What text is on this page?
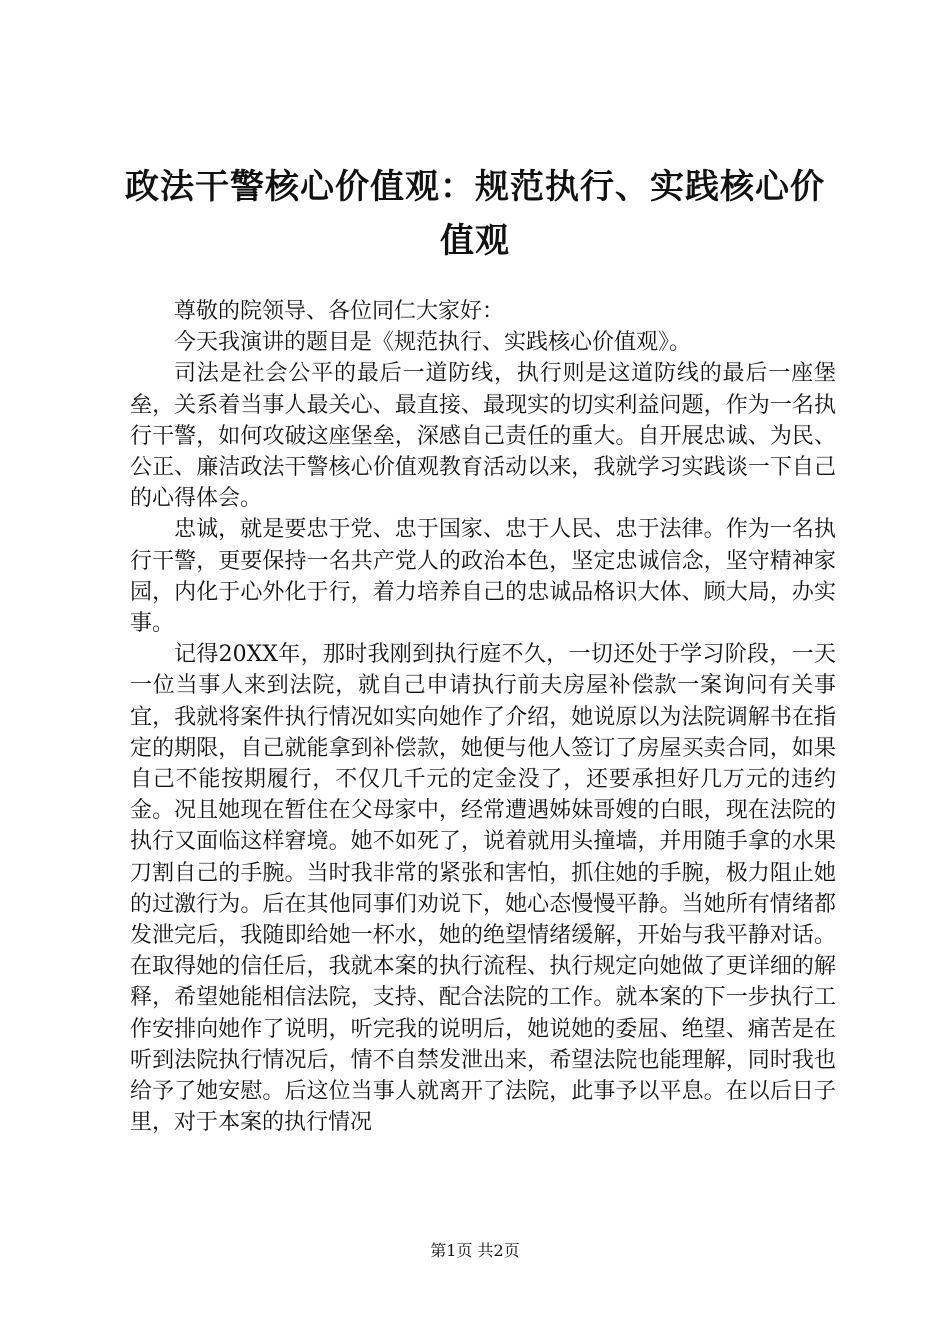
政法干警核心价值观：规范执行、实践核心价值观

尊敬的院领导、各位同仁大家好：

今天我演讲的题目是《规范执行、实践核心价值观》。

司法是社会公平的最后一道防线，执行则是这道防线的最后一座堡垒，关系着当事人最关心、最直接、最现实的切实利益问题，作为一名执行干警，如何攻破这座堡垒，深感自己责任的重大。自开展忠诚、为民、公正、廉洁政法干警核心价值观教育活动以来，我就学习实践谈一下自己的心得体会。

忠诚，就是要忠于党、忠于国家、忠于人民、忠于法律。作为一名执行干警，更要保持一名共产党人的政治本色，坚定忠诚信念，坚守精神家园，内化于心外化于行，着力培养自己的忠诚品格识大体、顾大局，办实事。

记得20XX年，那时我刚到执行庭不久，一切还处于学习阶段，一天一位当事人来到法院，就自己申请执行前夫房屋补偿款一案询问有关事宜，我就将案件执行情况如实向她作了介绍，她说原以为法院调解书在指定的期限，自己就能拿到补偿款，她便与他人签订了房屋买卖合同，如果自己不能按期履行，不仅几千元的定金没了，还要承担好几万元的违约金。况且她现在暂住在父母家中，经常遭遇姊妹哥嫂的白眼，现在法院的执行又面临这样窘境。她不如死了，说着就用头撞墙，并用随手拿的水果刀割自己的手腕。当时我非常的紧张和害怕，抓住她的手腕，极力阻止她的过激行为。后在其他同事们劝说下，她心态慢慢平静。当她所有情绪都发泄完后，我随即给她一杯水，她的绝望情绪缓解，开始与我平静对话。在取得她的信任后，我就本案的执行流程、执行规定向她做了更详细的解释，希望她能相信法院，支持、配合法院的工作。就本案的下一步执行工作安排向她作了说明，听完我的说明后，她说她的委屈、绝望、痛苦是在听到法院执行情况后，情不自禁发泄出来，希望法院也能理解，同时我也给予了她安慰。后这位当事人就离开了法院，此事予以平息。在以后日子里，对于本案的执行情况

第1页 共2页
